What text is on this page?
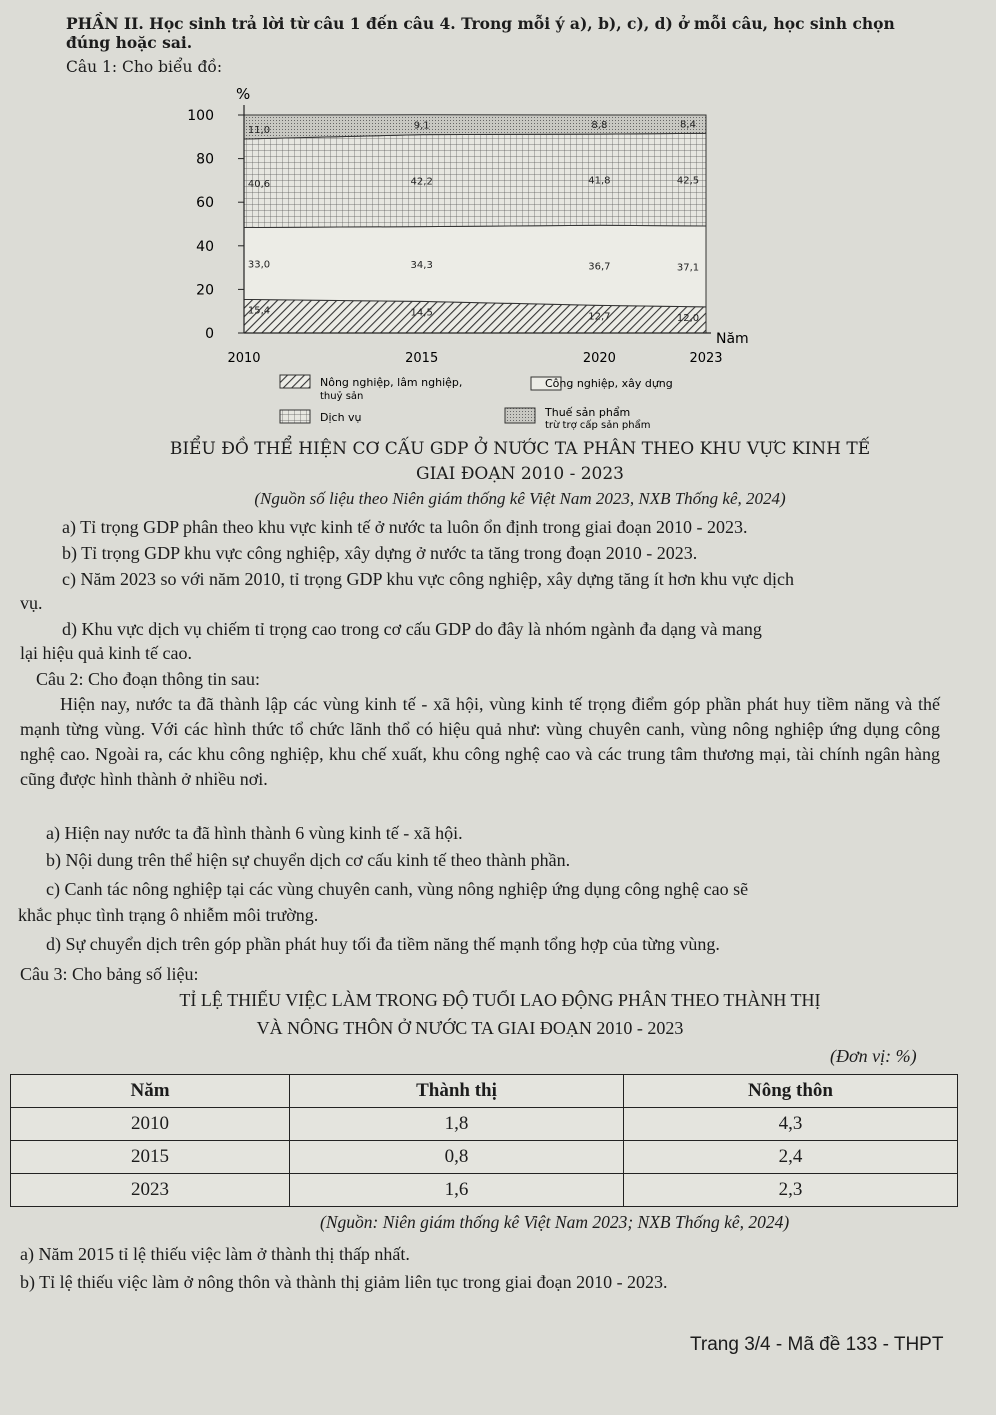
PHẦN II. Học sinh trả lời từ câu 1 đến câu 4. Trong mỗi ý a), b), c), d) ở mỗi câu, học sinh chọn
đúng hoặc sai.
Câu 1: Cho biểu đồ:
0
20
40
60
80
100
2010	2015	2020	2023
15,4	14,5	12,7	12,0
33,0	34,3	36,7	37,1
40,6	42,2	41,8	42,5
11,0	9,1	8,8	8,4
%
Năm
Nông nghiệp, lâm nghiệp,
thuỷ sản
Công nghiệp, xây dựng
Dịch vụ	Thuế sản phẩm
trừ trợ cấp sản phẩm
BIỂU ĐỒ THỂ HIỆN CƠ CẤU GDP Ở NƯỚC TA PHÂN THEO KHU VỰC KINH TẾ
GIAI ĐOẠN 2010 - 2023
(Nguồn số liệu theo Niên giám thống kê Việt Nam 2023, NXB Thống kê, 2024)
a) Tỉ trọng GDP phân theo khu vực kinh tế ở nước ta luôn ổn định trong giai đoạn 2010 - 2023.
b) Tỉ trọng GDP khu vực công nghiệp, xây dựng ở nước ta tăng trong đoạn 2010 - 2023.
c) Năm 2023 so với năm 2010, tỉ trọng GDP khu vực công nghiệp, xây dựng tăng ít hơn khu vực dịch
vụ.
d) Khu vực dịch vụ chiếm tỉ trọng cao trong cơ cấu GDP do đây là nhóm ngành đa dạng và mang
lại hiệu quả kinh tế cao.
Câu 2: Cho đoạn thông tin sau:
Hiện nay, nước ta đã thành lập các vùng kinh tế - xã hội, vùng kinh tế trọng điểm góp phần phát huy tiềm năng và thế mạnh từng vùng. Với các hình thức tổ chức lãnh thổ có hiệu quả như: vùng chuyên canh, vùng nông nghiệp ứng dụng công nghệ cao. Ngoài ra, các khu công nghiệp, khu chế xuất, khu công nghệ cao và các trung tâm thương mại, tài chính ngân hàng cũng được hình thành ở nhiều nơi.
a) Hiện nay nước ta đã hình thành 6 vùng kinh tế - xã hội.
b) Nội dung trên thể hiện sự chuyển dịch cơ cấu kinh tế theo thành phần.
c) Canh tác nông nghiệp tại các vùng chuyên canh, vùng nông nghiệp ứng dụng công nghệ cao sẽ
khắc phục tình trạng ô nhiễm môi trường.
d) Sự chuyển dịch trên góp phần phát huy tối đa tiềm năng thế mạnh tổng hợp của từng vùng.
Câu 3: Cho bảng số liệu:
TỈ LỆ THIẾU VIỆC LÀM TRONG ĐỘ TUỔI LAO ĐỘNG PHÂN THEO THÀNH THỊ
VÀ NÔNG THÔN Ở NƯỚC TA GIAI ĐOẠN 2010 - 2023
(Đơn vị: %)
Năm	Thành thị	Nông thôn
2010	1,8	4,3
2015	0,8	2,4
2023	1,6	2,3
(Nguồn: Niên giám thống kê Việt Nam 2023; NXB Thống kê, 2024)
a) Năm 2015 tỉ lệ thiếu việc làm ở thành thị thấp nhất.
b) Tỉ lệ thiếu việc làm ở nông thôn và thành thị giảm liên tục trong giai đoạn 2010 - 2023.
Trang 3/4 - Mã đề 133 - THPT
